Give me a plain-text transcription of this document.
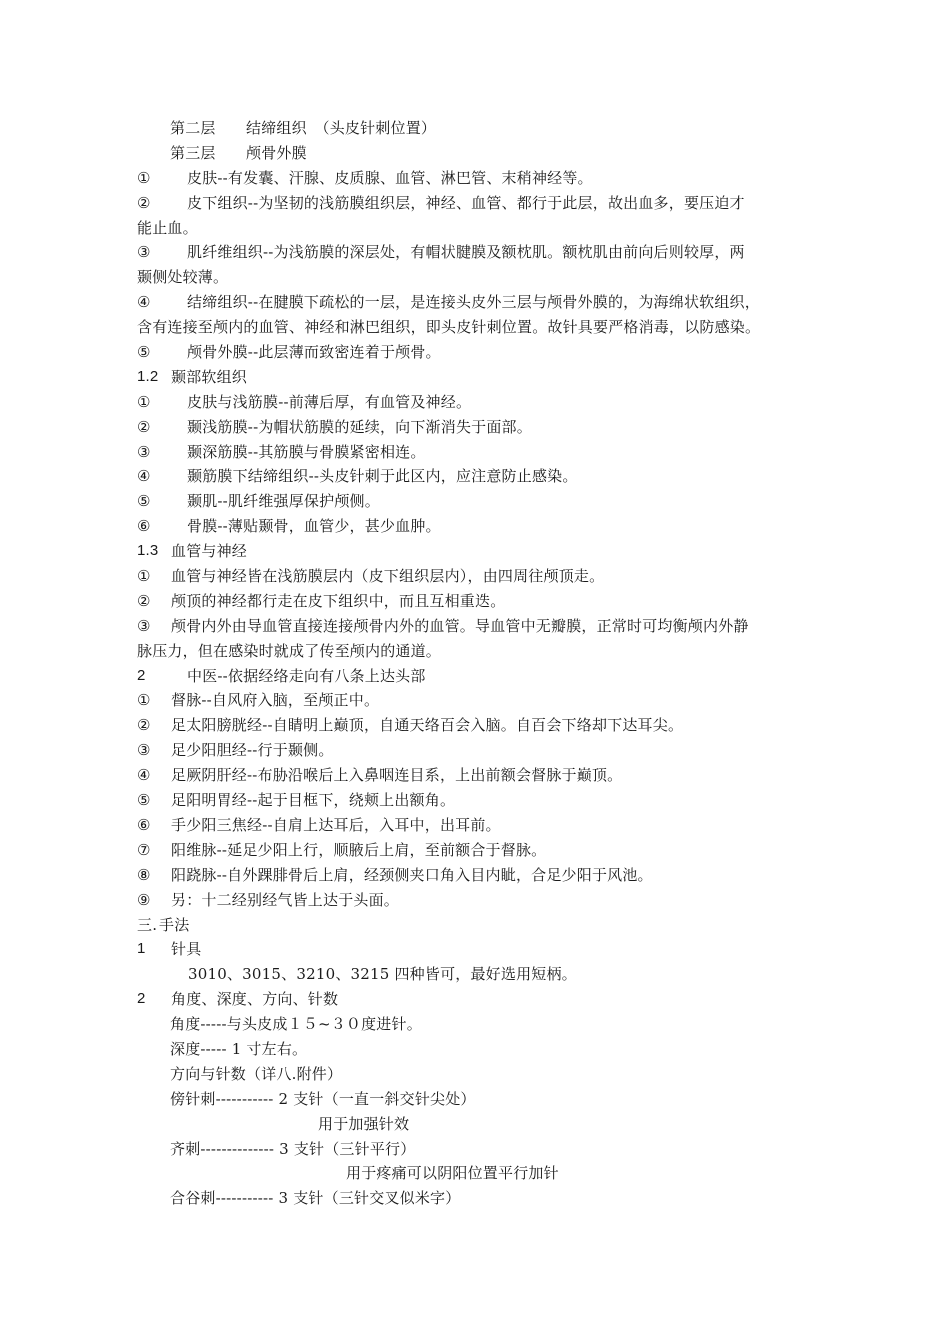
第二层　　结缔组织　（头皮针刺位置）
第三层　　颅骨外膜
①	皮肤--有发囊、汗腺、皮质腺、血管、淋巴管、末稍神经等。
②	皮下组织--为坚韧的浅筋膜组织层，神经、血管、都行于此层，故出血多，要压迫才
能止血。
③	肌纤维组织--为浅筋膜的深层处，有帽状腱膜及额枕肌。额枕肌由前向后则较厚，两
颞侧处较薄。
④	结缔组织--在腱膜下疏松的一层，是连接头皮外三层与颅骨外膜的，为海绵状软组织，
含有连接至颅内的血管、神经和淋巴组织，即头皮针刺位置。故针具要严格消毒，以防感染。
⑤	颅骨外膜--此层薄而致密连着于颅骨。
1.2 颞部软组织
①	皮肤与浅筋膜--前薄后厚，有血管及神经。
②	颞浅筋膜--为帽状筋膜的延续，向下渐消失于面部。
③	颞深筋膜--其筋膜与骨膜紧密相连。
④	颞筋膜下结缔组织--头皮针刺于此区内，应注意防止感染。
⑤	颞肌--肌纤维强厚保护颅侧。
⑥	骨膜--薄贴颞骨，血管少，甚少血肿。
1.3 血管与神经
①	血管与神经皆在浅筋膜层内（皮下组织层内），由四周往颅顶走。
②	颅顶的神经都行走在皮下组织中，而且互相重迭。
③	颅骨内外由导血管直接连接颅骨内外的血管。导血管中无瓣膜，正常时可均衡颅内外静
脉压力，但在感染时就成了传至颅内的通道。
2	中医--依据经络走向有八条上达头部
①	督脉--自风府入脑，至颅正中。
②	足太阳膀胱经--自睛明上巅顶，自通天络百会入脑。自百会下络却下达耳尖。
③	足少阳胆经--行于颞侧。
④	足厥阴肝经--布胁沿喉后上入鼻咽连目系，上出前额会督脉于巅顶。
⑤	足阳明胃经--起于目框下，绕颊上出额角。
⑥	手少阳三焦经--自肩上达耳后，入耳中，出耳前。
⑦	阳维脉--延足少阳上行，顺腋后上肩，至前额合于督脉。
⑧	阳跷脉--自外踝腓骨后上肩，经颈侧夹口角入目内眦，合足少阳于风池。
⑨	另：十二经别经气皆上达于头面。
三. 手法
1	针具
3010、3015、3210、3215 四种皆可，最好选用短柄。
2	角度、深度、方向、针数
角度-----与头皮成１５~３０度进针。
深度----- 1 寸左右。
方向与针数（详八.附件）
傍针刺----------- 2 支针（一直一斜交针尖处）
用于加强针效
齐刺-------------- 3 支针（三针平行）
用于疼痛可以阴阳位置平行加针
合谷刺----------- 3 支针（三针交叉似米字）
